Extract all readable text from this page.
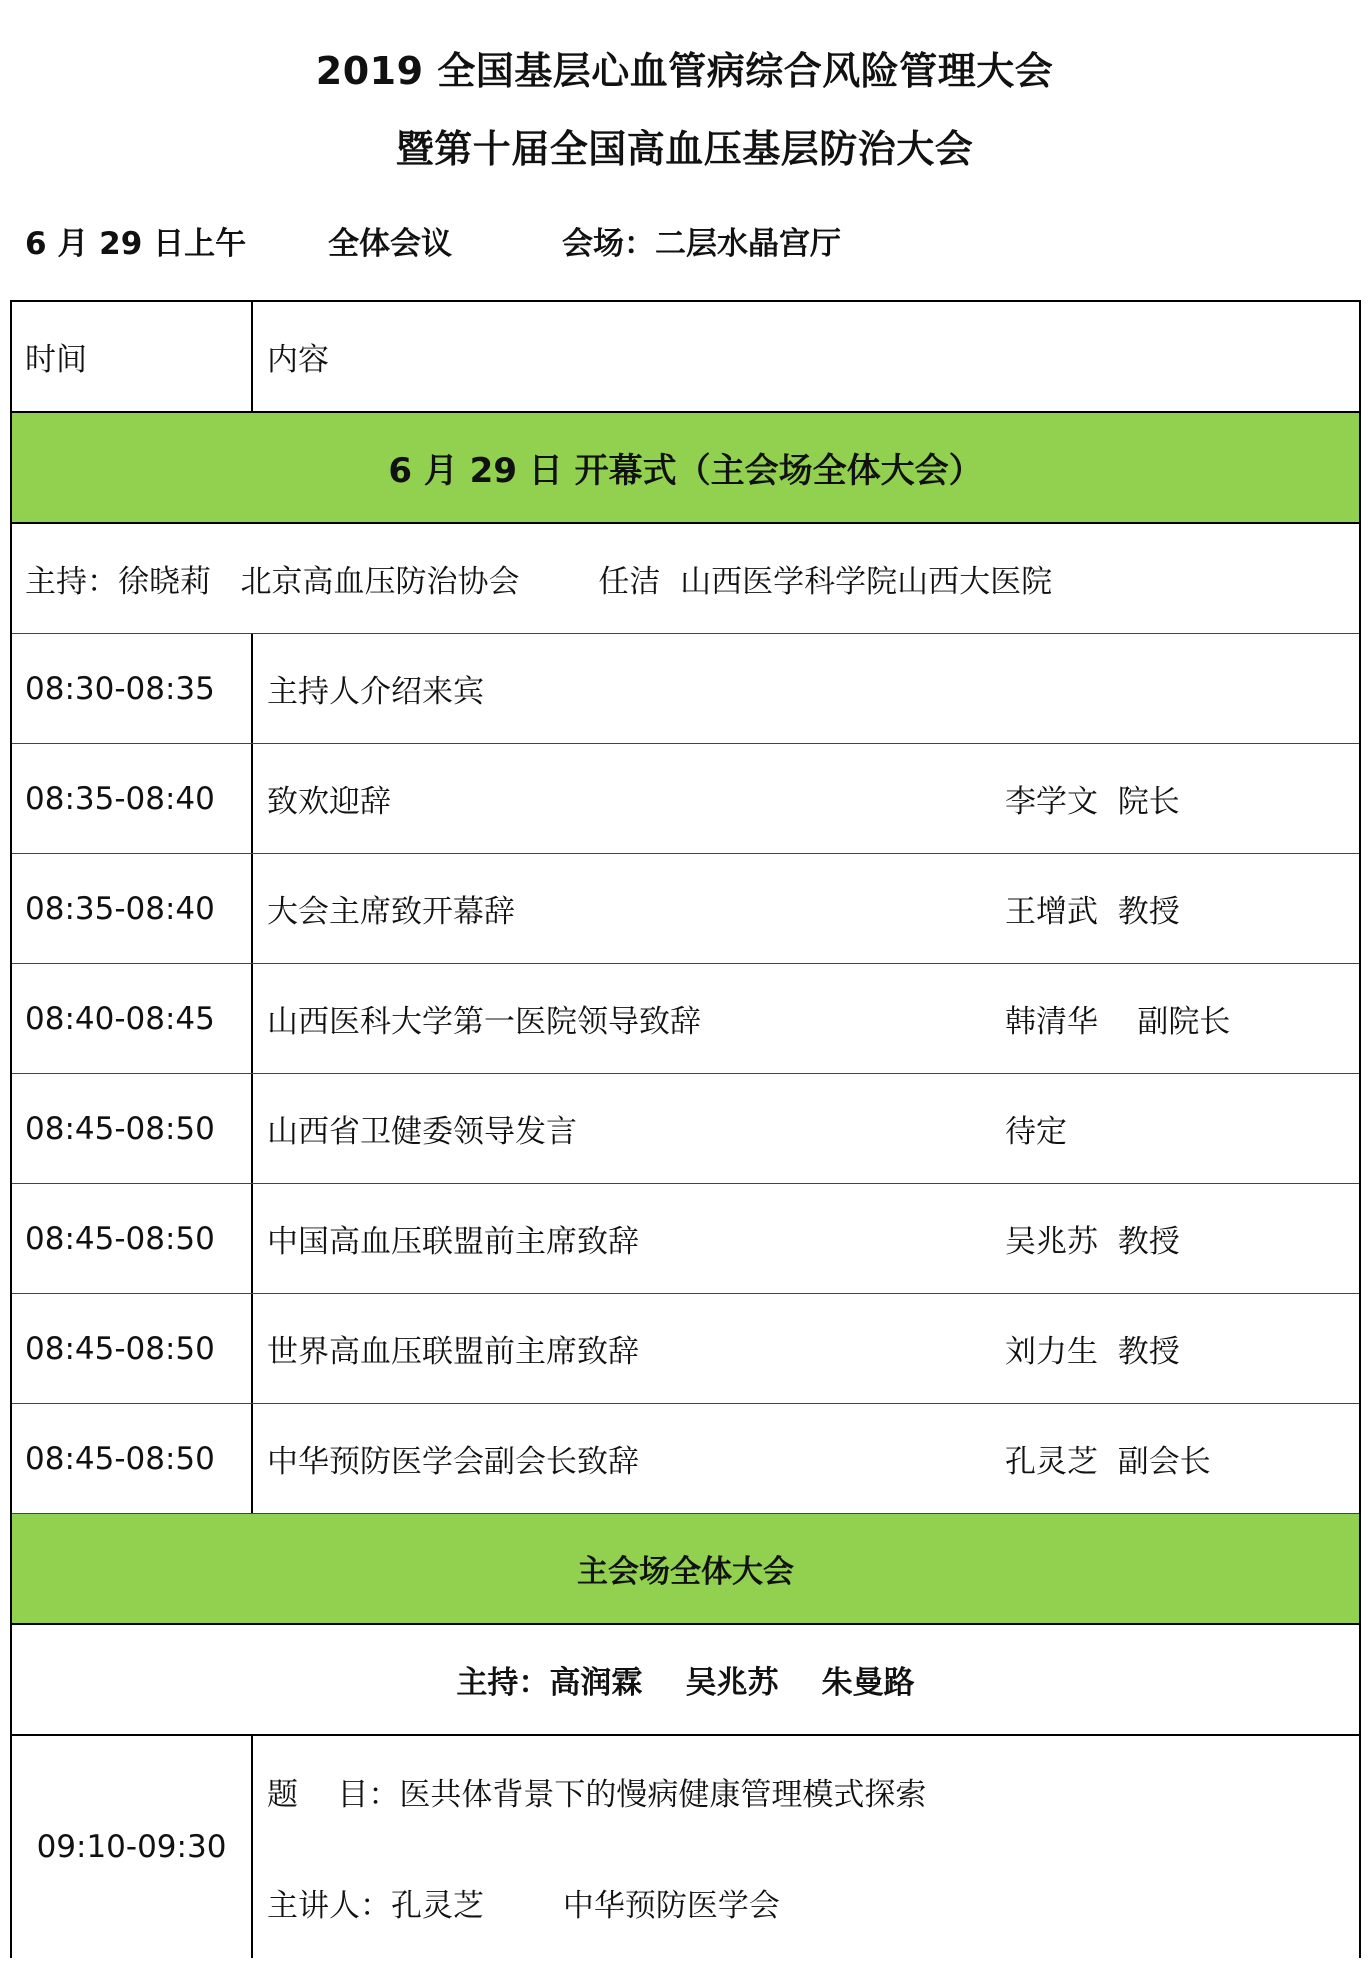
2019 全国基层心血管病综合风险管理大会
暨第十届全国高血压基层防治大会
6 月 29 日上午	全体会议	会场：二层水晶宫厅
时间	内容
6 月 29 日 开幕式（主会场全体大会）
主持：徐晓莉   北京高血压防治协会        任洁  山西医学科学院山西大医院
08:30-08:35	主持人介绍来宾
08:35-08:40	致欢迎辞	李学文  院长
08:35-08:40	大会主席致开幕辞	王增武  教授
08:40-08:45	山西医科大学第一医院领导致辞	韩清华    副院长
08:45-08:50	山西省卫健委领导发言	待定
08:45-08:50	中国高血压联盟前主席致辞	吴兆苏  教授
08:45-08:50	世界高血压联盟前主席致辞	刘力生  教授
08:45-08:50	中华预防医学会副会长致辞	孔灵芝  副会长
主会场全体大会
主持：高润霖    吴兆苏    朱曼路
09:10-09:30
题    目：医共体背景下的慢病健康管理模式探索
主讲人：孔灵芝        中华预防医学会
